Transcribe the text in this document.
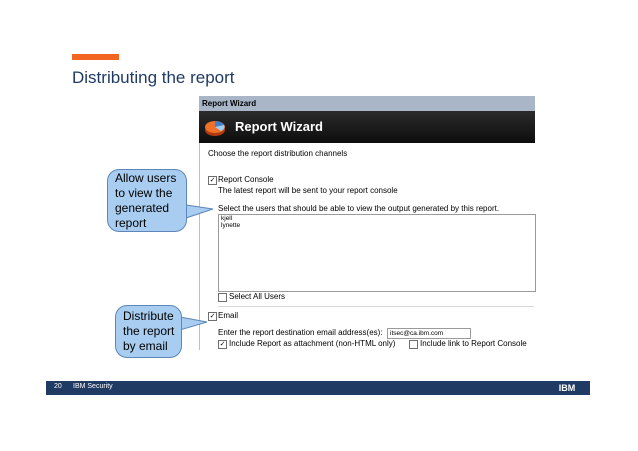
Distributing the report
Report Wizard
Report Wizard
Choose the report distribution channels
✓ Report Console
The latest report will be sent to your report console
Select the users that should be able to view the output generated by this report.
kjell
lynette
Select All Users
✓ Email
Enter the report destination email address(es):	itsec@ca.ibm.com
✓ Include Report as attachment (non-HTML only)	Include link to Report Console
Allow users to view the generated report
Distribute the report by email
20 IBM Security	IBM
